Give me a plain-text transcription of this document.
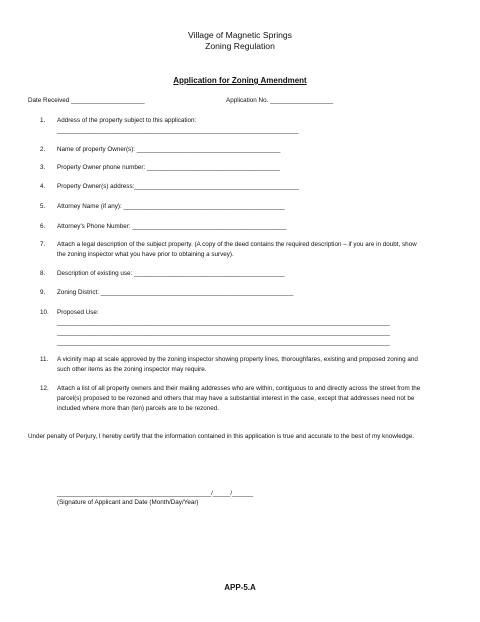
Village of Magnetic Springs
Zoning Regulation
Application for Zoning Amendment
Date Received _____________________	Application No. __________________
1. Address of the property subject to this application:
_____________________________________________________________________
2. Name of property Owner(s): _________________________________________
3. Property Owner phone number: ______________________________________
4. Property Owner(s) address:_______________________________________________
5. Attorney Name (if any): ______________________________________________
6. Attorney's Phone Number: ____________________________________________
7. Attach a legal description of the subject property. (A copy of the deed contains the required description – if you are in doubt, show the zoning inspector what you have prior to obtaining a survey).
8. Description of existing use: ___________________________________________
9. Zoning District: _______________________________________________________
10. Proposed Use:
_______________________________________________________________________________________________
_______________________________________________________________________________________________
_______________________________________________________________________________________________
11. A vicinity map at scale approved by the zoning inspector showing property lines, thoroughfares, existing and proposed zoning and such other items as the zoning inspector may require.
12. Attach a list of all property owners and their mailing addresses who are within, contiguous to and directly across the street from the parcel(s) proposed to be rezoned and others that may have a substantial interest in the case, except that addresses need not be included where more than (ten) parcels are to be rezoned.
Under penalty of Perjury, I hereby certify that the information contained in this application is true and accurate to the best of my knowledge.
____________________________________________/_____/______
(Signature of Applicant and Date (Month/Day/Year)
APP-5.A
